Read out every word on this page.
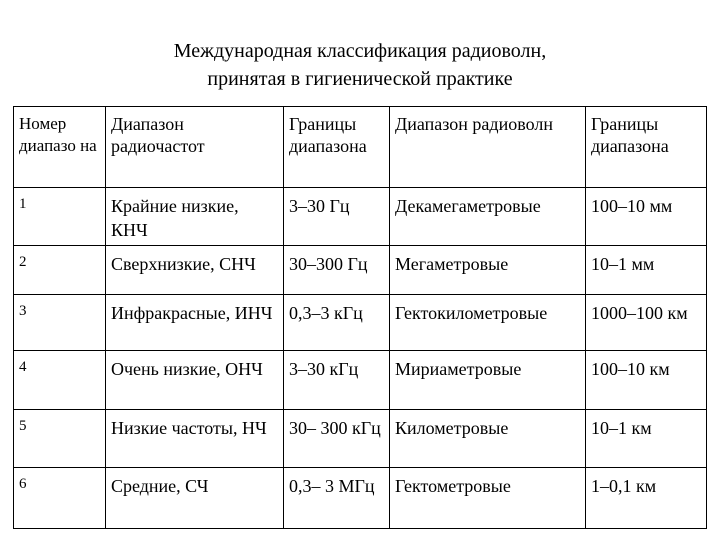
Международная классификация радиоволн,
принятая в гигиенической практике
Номер диапазо на	Диапазон радиочастот	Границы диапазона	Диапазон радиоволн	Границы диапазона
1	Крайние низкие, КНЧ	3–30 Гц	Декамегаметровые	100–10 мм
2	Сверхнизкие, СНЧ	30–300 Гц	Мегаметровые	10–1 мм
3	Инфракрасные, ИНЧ	0,3–3 кГц	Гектокилометровые	1000–100 км
4	Очень низкие, ОНЧ	3–30 кГц	Мириаметровые	100–10 км
5	Низкие частоты, НЧ	30– 300 кГц	Километровые	10–1 км
6	Средние, СЧ	0,3– 3 МГц	Гектометровые	1–0,1 км
